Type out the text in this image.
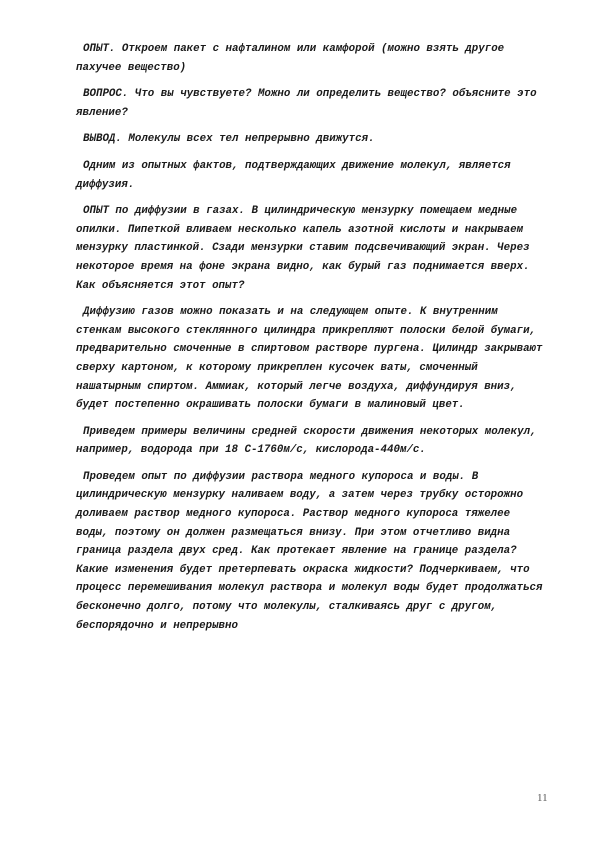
ОПЫТ. Откроем пакет с нафталином или камфорой (можно взять другое пахучее вещество)

ВОПРОС. Что вы чувствуете? Можно ли определить вещество? объясните это явление?

ВЫВОД. Молекулы всех тел непрерывно движутся.

Одним из опытных фактов, подтверждающих движение молекул, является диффузия.

ОПЫТ по диффузии в газах. В цилиндрическую мензурку помещаем медные опилки. Пипеткой вливаем несколько капель азотной кислоты и накрываем мензурку пластинкой. Сзади мензурки ставим подсвечивающий экран. Через некоторое время на фоне экрана видно, как бурый газ поднимается вверх. Как объясняется этот опыт?

Диффузию газов можно показать и на следующем опыте. К внутренним стенкам высокого стеклянного цилиндра прикрепляют полоски белой бумаги, предварительно смоченные в спиртовом растворе пургена. Цилиндр закрывают сверху картоном, к которому прикреплен кусочек ваты, смоченный нашатырным спиртом. Аммиак, который легче воздуха, диффундируя вниз, будет постепенно окрашивать полоски бумаги в малиновый цвет.

Приведем примеры величины средней скорости движения некоторых молекул, например, водорода при 18 С-1760м/с, кислорода-440м/с.

Проведем опыт по диффузии раствора медного купороса и воды. В цилиндрическую мензурку наливаем воду, а затем через трубку осторожно доливаем раствор медного купороса. Раствор медного купороса тяжелее воды, поэтому он должен размещаться внизу. При этом отчетливо видна граница раздела двух сред. Как протекает явление на границе раздела? Какие изменения будет претерпевать окраска жидкости? Подчеркиваем, что процесс перемешивания молекул раствора и молекул воды будет продолжаться бесконечно долго, потому что молекулы, сталкиваясь друг с другом, беспорядочно и непрерывно

11
